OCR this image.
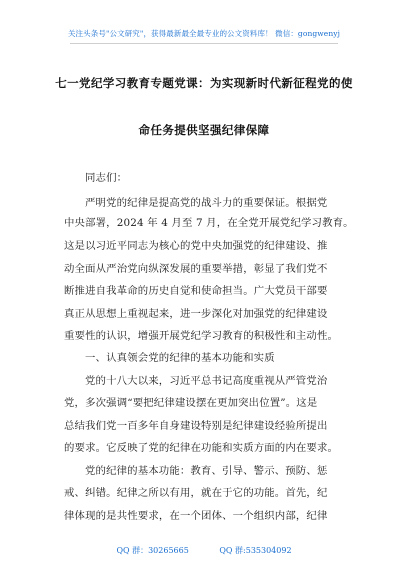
关注头条号"公文研究"，获得最新最全最专业的公文资料库！ 微信：gongwenyj
七一党纪学习教育专题党课：为实现新时代新征程党的使
命任务提供坚强纪律保障
同志们：
严明党的纪律是提高党的战斗力的重要保证。根据党
中央部署，2024 年 4 月至 7 月，在全党开展党纪学习教育。
这是以习近平同志为核心的党中央加强党的纪律建设、推
动全面从严治党向纵深发展的重要举措，彰显了我们党不
断推进自我革命的历史自觉和使命担当。广大党员干部要
真正从思想上重视起来，进一步深化对加强党的纪律建设
重要性的认识，增强开展党纪学习教育的积极性和主动性。
一、认真领会党的纪律的基本功能和实质
党的十八大以来，习近平总书记高度重视从严管党治
党，多次强调“要把纪律建设摆在更加突出位置”。这是
总结我们党一百多年自身建设特别是纪律建设经验所提出
的要求。它反映了党的纪律在功能和实质方面的内在要求。
党的纪律的基本功能：教育、引导、警示、预防、惩
戒、纠错。纪律之所以有用，就在于它的功能。首先，纪
律体现的是共性要求，在一个团体、一个组织内部，纪律
QQ 群：30265665	QQ 群:535304092
